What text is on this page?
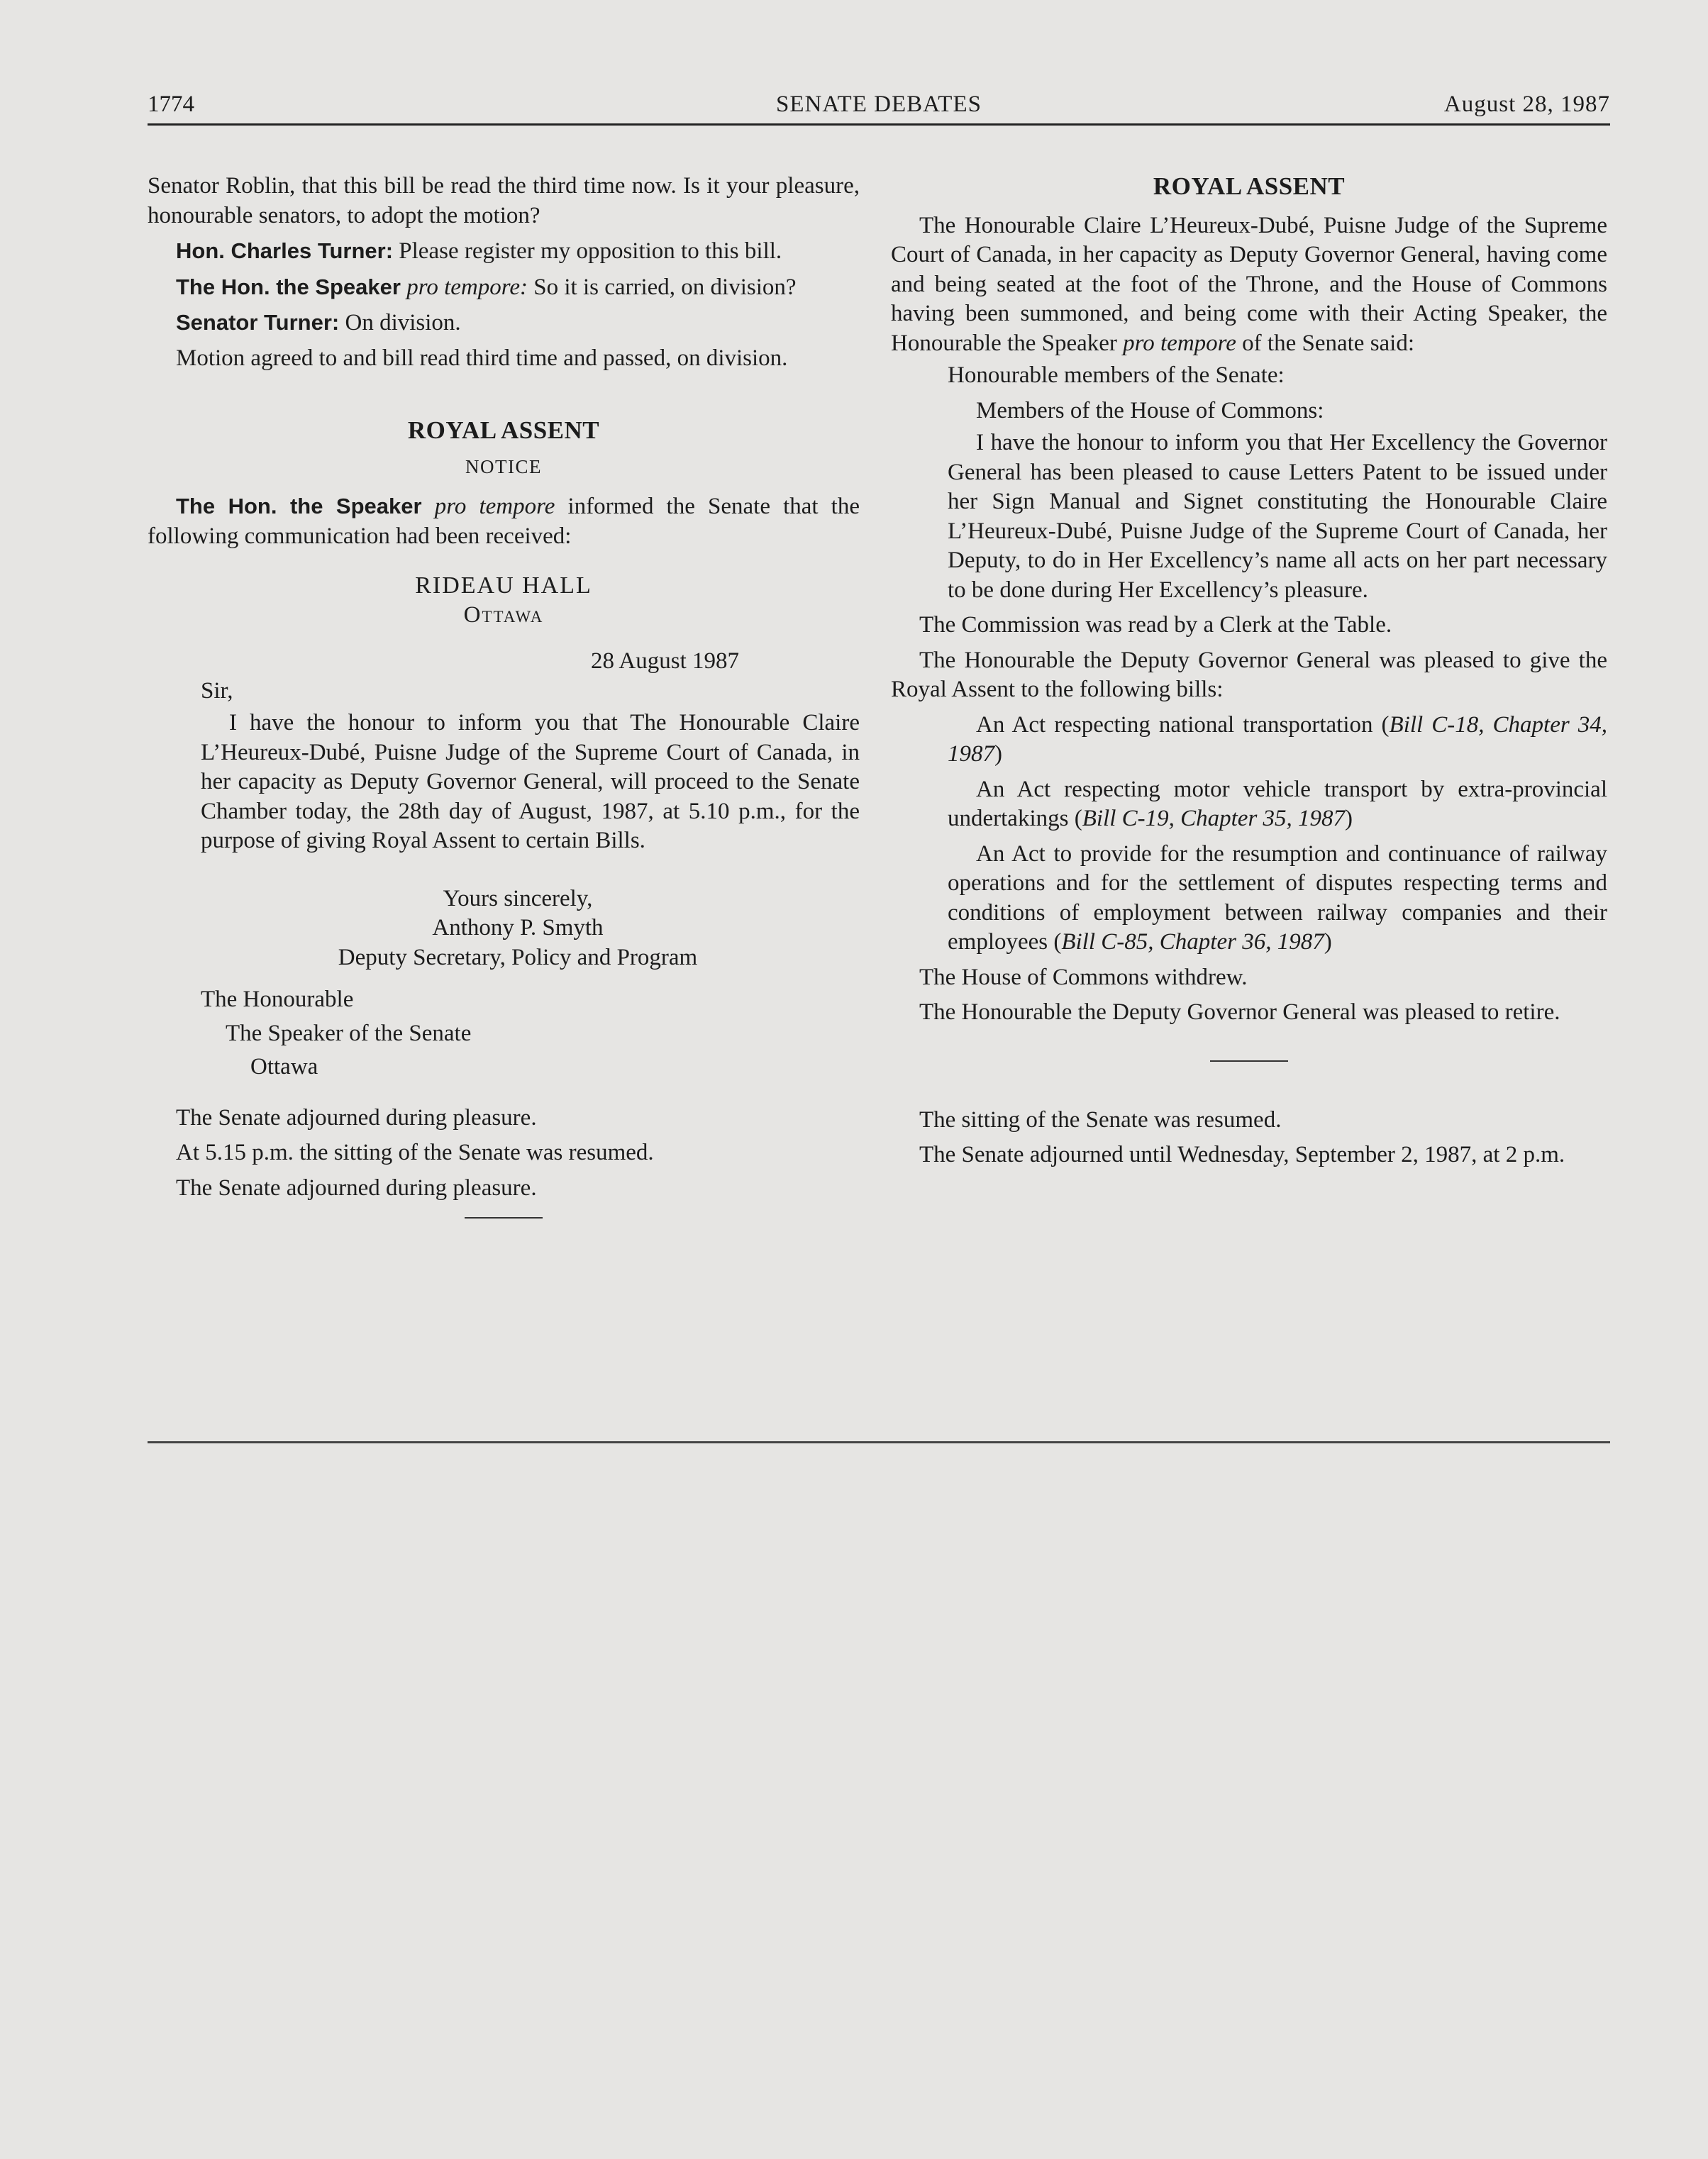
1774	SENATE DEBATES	August 28, 1987

Senator Roblin, that this bill be read the third time now. Is it your pleasure, honourable senators, to adopt the motion?

Hon. Charles Turner: Please register my opposition to this bill.

The Hon. the Speaker pro tempore: So it is carried, on division?

Senator Turner: On division.

Motion agreed to and bill read third time and passed, on division.

ROYAL ASSENT
NOTICE

The Hon. the Speaker pro tempore informed the Senate that the following communication had been received:

RIDEAU HALL
Ottawa
28 August 1987
Sir,

I have the honour to inform you that The Honourable Claire L’Heureux-Dubé, Puisne Judge of the Supreme Court of Canada, in her capacity as Deputy Governor General, will proceed to the Senate Chamber today, the 28th day of August, 1987, at 5.10 p.m., for the purpose of giving Royal Assent to certain Bills.

Yours sincerely,
Anthony P. Smyth
Deputy Secretary, Policy and Program
The Honourable
The Speaker of the Senate
Ottawa

The Senate adjourned during pleasure.

At 5.15 p.m. the sitting of the Senate was resumed.

The Senate adjourned during pleasure.

ROYAL ASSENT

The Honourable Claire L’Heureux-Dubé, Puisne Judge of the Supreme Court of Canada, in her capacity as Deputy Governor General, having come and being seated at the foot of the Throne, and the House of Commons having been summoned, and being come with their Acting Speaker, the Honourable the Speaker pro tempore of the Senate said:

Honourable members of the Senate:
Members of the House of Commons:

I have the honour to inform you that Her Excellency the Governor General has been pleased to cause Letters Patent to be issued under her Sign Manual and Signet constituting the Honourable Claire L’Heureux-Dubé, Puisne Judge of the Supreme Court of Canada, her Deputy, to do in Her Excellency’s name all acts on her part necessary to be done during Her Excellency’s pleasure.

The Commission was read by a Clerk at the Table.

The Honourable the Deputy Governor General was pleased to give the Royal Assent to the following bills:

An Act respecting national transportation (Bill C-18, Chapter 34, 1987)

An Act respecting motor vehicle transport by extra-provincial undertakings (Bill C-19, Chapter 35, 1987)

An Act to provide for the resumption and continuance of railway operations and for the settlement of disputes respecting terms and conditions of employment between railway companies and their employees (Bill C-85, Chapter 36, 1987)

The House of Commons withdrew.

The Honourable the Deputy Governor General was pleased to retire.

The sitting of the Senate was resumed.

The Senate adjourned until Wednesday, September 2, 1987, at 2 p.m.
